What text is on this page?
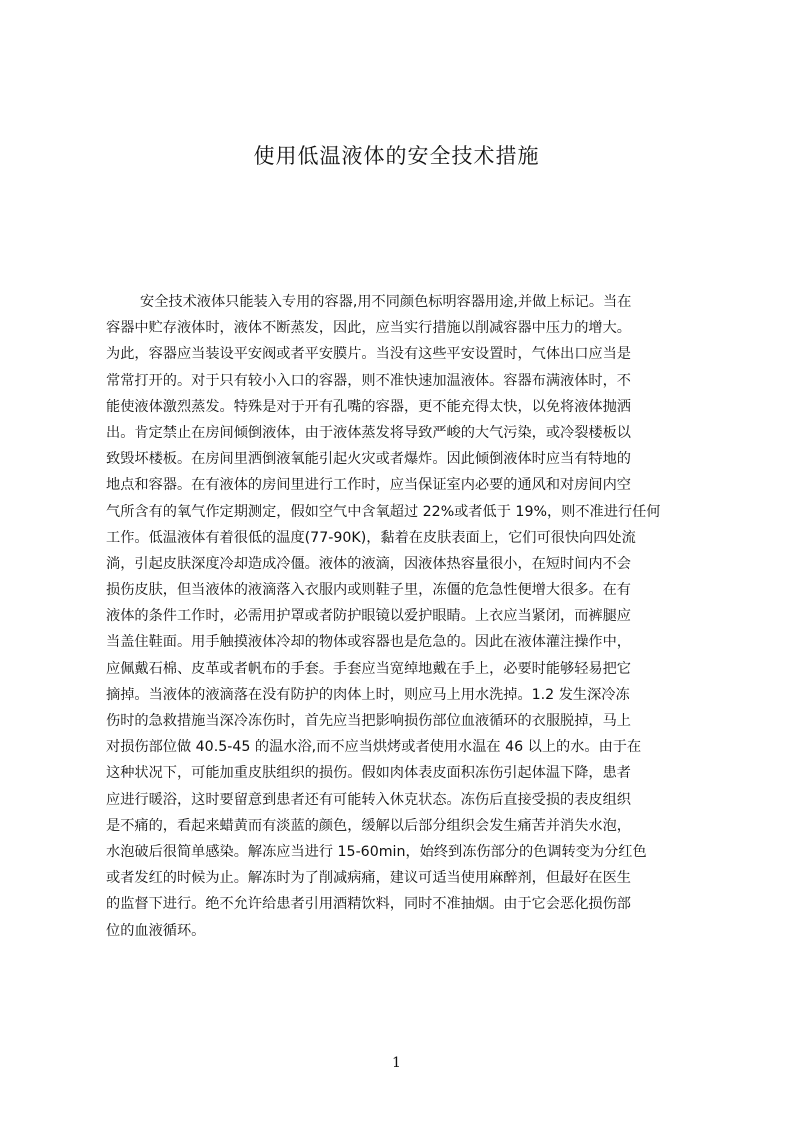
使用低温液体的安全技术措施
安全技术液体只能装入专用的容器,用不同颜色标明容器用途,并做上标记。当在
容器中贮存液体时，液体不断蒸发，因此，应当实行措施以削减容器中压力的增大。
为此，容器应当装设平安阀或者平安膜片。当没有这些平安设置时，气体出口应当是
常常打开的。对于只有较小入口的容器，则不准快速加温液体。容器布满液体时，不
能使液体激烈蒸发。特殊是对于开有孔嘴的容器，更不能充得太快，以免将液体抛洒
出。肯定禁止在房间倾倒液体，由于液体蒸发将导致严峻的大气污染，或冷裂楼板以
致毁坏楼板。在房间里洒倒液氧能引起火灾或者爆炸。因此倾倒液体时应当有特地的
地点和容器。在有液体的房间里进行工作时，应当保证室内必要的通风和对房间内空
气所含有的氧气作定期测定，假如空气中含氧超过 22%或者低于 19%，则不准进行任何
工作。低温液体有着很低的温度(77-90K)，黏着在皮肤表面上，它们可很快向四处流
淌，引起皮肤深度冷却造成冷僵。液体的液滴，因液体热容量很小，在短时间内不会
损伤皮肤，但当液体的液滴落入衣服内或则鞋子里，冻僵的危急性便增大很多。在有
液体的条件工作时，必需用护罩或者防护眼镜以爱护眼睛。上衣应当紧闭，而裤腿应
当盖住鞋面。用手触摸液体冷却的物体或容器也是危急的。因此在液体灌注操作中，
应佩戴石棉、皮革或者帆布的手套。手套应当宽绰地戴在手上，必要时能够轻易把它
摘掉。当液体的液滴落在没有防护的肉体上时，则应马上用水洗掉。1.2 发生深冷冻
伤时的急救措施当深冷冻伤时，首先应当把影响损伤部位血液循环的衣服脱掉，马上
对损伤部位做 40.5-45 的温水浴,而不应当烘烤或者使用水温在 46 以上的水。由于在
这种状况下，可能加重皮肤组织的损伤。假如肉体表皮面积冻伤引起体温下降，患者
应进行暖浴，这时要留意到患者还有可能转入休克状态。冻伤后直接受损的表皮组织
是不痛的，看起来蜡黄而有淡蓝的颜色，缓解以后部分组织会发生痛苦并消失水泡，
水泡破后很简单感染。解冻应当进行 15-60min，始终到冻伤部分的色调转变为分红色
或者发红的时候为止。解冻时为了削减病痛，建议可适当使用麻醉剂，但最好在医生
的监督下进行。绝不允许给患者引用酒精饮料，同时不准抽烟。由于它会恶化损伤部
位的血液循环。
1
